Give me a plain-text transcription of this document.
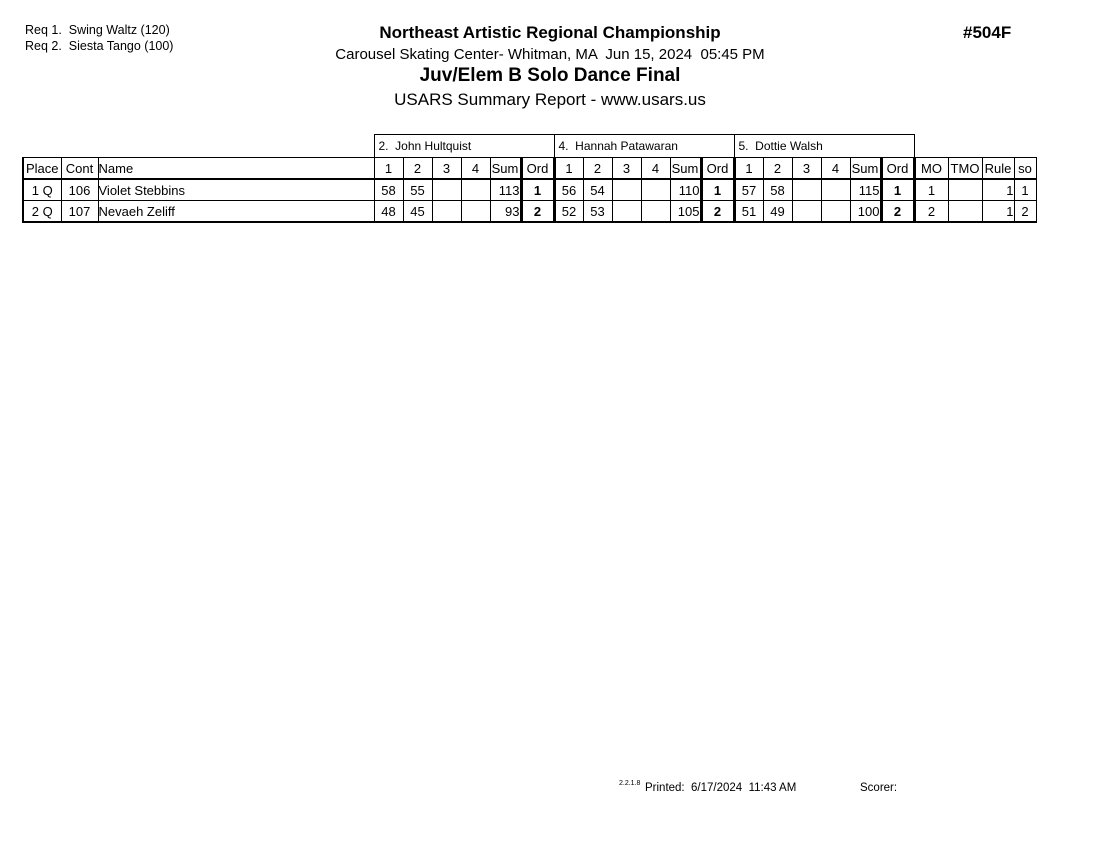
Req 1.  Swing Waltz (120)
Req 2.  Siesta Tango (100)
Northeast Artistic Regional Championship
Carousel Skating Center- Whitman, MA  Jun 15, 2024  05:45 PM
Juv/Elem B Solo Dance Final
USARS Summary Report - www.usars.us
#504F
			2.  John Hultquist						4.  Hannah Patawaran						5.  Dottie Walsh									
Place	Cont	Name	1	2	3	4	Sum	Ord	1	2	3	4	Sum	Ord	1	2	3	4	Sum	Ord	MO	TMO	Rule	so
1 Q	106	Violet Stebbins	58	55			113	1	56	54			110	1	57	58			115	1	1		1	1
2 Q	107	Nevaeh Zeliff	48	45			93	2	52	53			105	2	51	49			100	2	2		1	2
2.2.1.8 Printed:  6/17/2024  11:43 AM	Scorer:
